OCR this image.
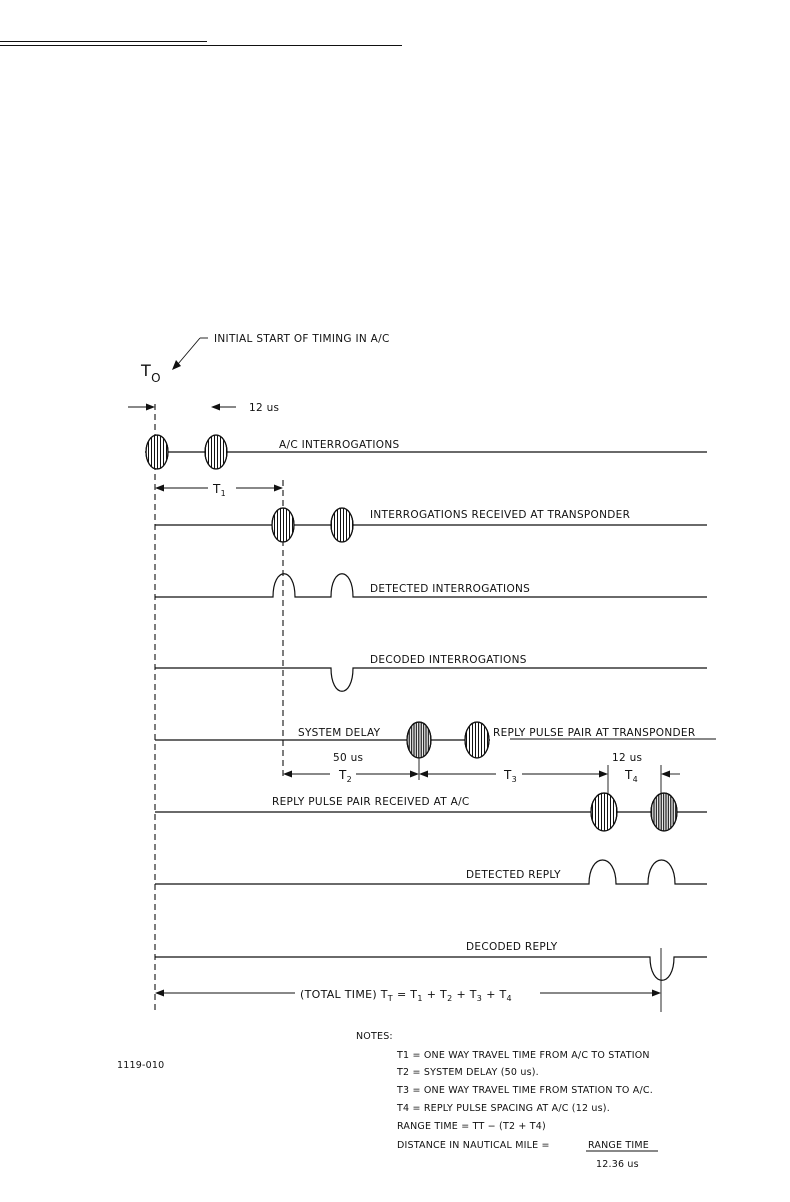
INITIAL START OF TIMING IN A/C
$T_O$
12 us
A/C INTERROGATIONS
$T_1$
INTERROGATIONS RECEIVED AT TRANSPONDER
DETECTED INTERROGATIONS
DECODED INTERROGATIONS
SYSTEM DELAY	REPLY PULSE PAIR AT TRANSPONDER
50 us
$T_2$	$T_3$
12 us
$T_4$
REPLY PULSE PAIR RECEIVED AT A/C
DETECTED REPLY
DECODED REPLY
(TOTAL TIME) $T_T = T_1 + T_2 + T_3 + T_4$
1119-010
NOTES:
T1 = ONE WAY TRAVEL TIME FROM A/C TO STATION
T2 = SYSTEM DELAY (50 us).
T3 = ONE WAY TRAVEL TIME FROM STATION TO A/C.
T4 = REPLY PULSE SPACING AT A/C (12 us).
RANGE TIME = TT − (T2 + T4)
DISTANCE IN NAUTICAL MILE =	RANGE TIME
12.36 us
